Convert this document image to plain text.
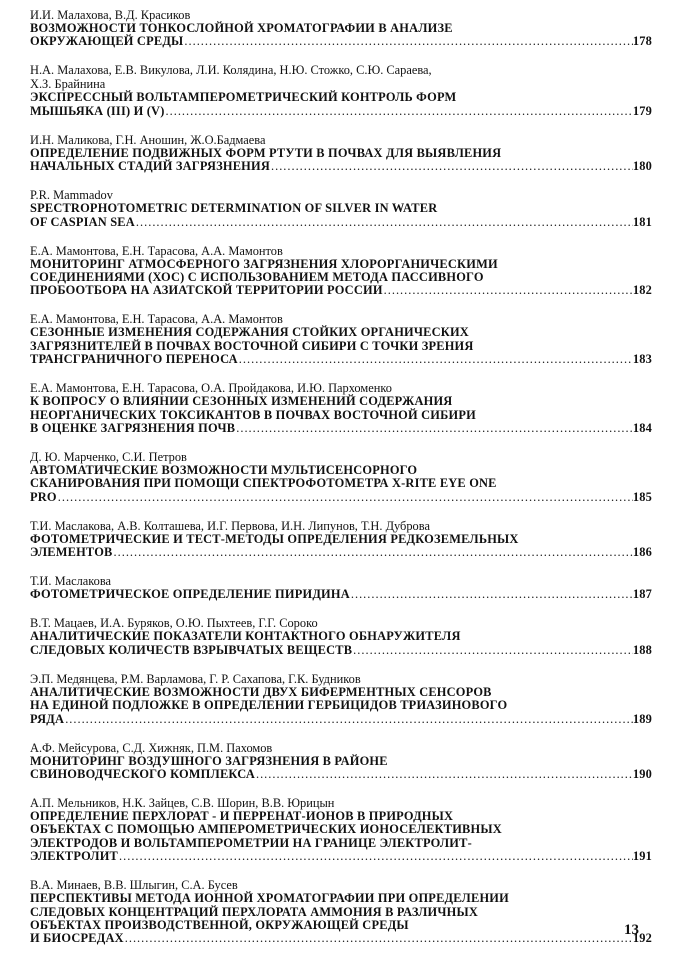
И.И. Малахова, В.Д. Красиков
ВОЗМОЖНОСТИ ТОНКОСЛОЙНОЙ ХРОМАТОГРАФИИ В АНАЛИЗЕ
ОКРУЖАЮЩЕЙ СРЕДЫ .....	178
Н.А. Малахова, Е.В. Викулова, Л.И. Колядина, Н.Ю. Стожко, С.Ю. Сараева,
Х.З. Брайнина
ЭКСПРЕССНЫЙ ВОЛЬТАМПЕРОМЕТРИЧЕСКИЙ КОНТРОЛЬ ФОРМ
МЫШЬЯКА (III) И (V) .....	179
И.Н. Маликова, Г.Н. Аношин, Ж.О.Бадмаева
ОПРЕДЕЛЕНИЕ ПОДВИЖНЫХ ФОРМ РТУТИ В ПОЧВАХ ДЛЯ ВЫЯВЛЕНИЯ
НАЧАЛЬНЫХ СТАДИЙ ЗАГРЯЗНЕНИЯ .....	180
P.R. Mammadov
SPECTROPHOTOMETRIC DETERMINATION OF SILVER IN WATER
OF CASPIAN SEA .....	181
Е.А. Мамонтова, Е.Н. Тарасова, А.А. Мамонтов
МОНИТОРИНГ АТМОСФЕРНОГО ЗАГРЯЗНЕНИЯ ХЛОРОРГАНИЧЕСКИМИ
СОЕДИНЕНИЯМИ (ХОС) С ИСПОЛЬЗОВАНИЕМ МЕТОДА ПАССИВНОГО
ПРОБООТБОРА НА АЗИАТСКОЙ ТЕРРИТОРИИ РОССИИ .....	182
Е.А. Мамонтова, Е.Н. Тарасова, А.А. Мамонтов
СЕЗОННЫЕ ИЗМЕНЕНИЯ СОДЕРЖАНИЯ СТОЙКИХ ОРГАНИЧЕСКИХ
ЗАГРЯЗНИТЕЛЕЙ В ПОЧВАХ ВОСТОЧНОЙ СИБИРИ С ТОЧКИ ЗРЕНИЯ
ТРАНСГРАНИЧНОГО ПЕРЕНОСА .....	183
Е.А. Мамонтова, Е.Н. Тарасова, О.А. Пройдакова, И.Ю. Пархоменко
К ВОПРОСУ О ВЛИЯНИИ СЕЗОННЫХ ИЗМЕНЕНИЙ СОДЕРЖАНИЯ
НЕОРГАНИЧЕСКИХ ТОКСИКАНТОВ В ПОЧВАХ ВОСТОЧНОЙ СИБИРИ
В ОЦЕНКЕ ЗАГРЯЗНЕНИЯ ПОЧВ .....	184
Д. Ю. Марченко, С.И. Петров
АВТОМАТИЧЕСКИЕ ВОЗМОЖНОСТИ МУЛЬТИСЕНСОРНОГО
СКАНИРОВАНИЯ ПРИ ПОМОЩИ СПЕКТРОФОТОМЕТРА X-RITE EYE ONE
PRO .....	185
Т.И. Маслакова, А.В. Колташева, И.Г. Первова, И.Н. Липунов, Т.Н. Дуброва
ФОТОМЕТРИЧЕСКИЕ И ТЕСТ-МЕТОДЫ ОПРЕДЕЛЕНИЯ РЕДКОЗЕМЕЛЬНЫХ
ЭЛЕМЕНТОВ .....	186
Т.И. Маслакова
ФОТОМЕТРИЧЕСКОЕ ОПРЕДЕЛЕНИЕ ПИРИДИНА .....	187
В.Т. Мацаев, И.А. Буряков, О.Ю. Пыхтеев, Г.Г. Сороко
АНАЛИТИЧЕСКИЕ ПОКАЗАТЕЛИ КОНТАКТНОГО ОБНАРУЖИТЕЛЯ
СЛЕДОВЫХ КОЛИЧЕСТВ ВЗРЫВЧАТЫХ ВЕЩЕСТВ .....	188
Э.П. Медянцева, Р.М. Варламова, Г. Р. Сахапова, Г.К. Будников
АНАЛИТИЧЕСКИЕ ВОЗМОЖНОСТИ ДВУХ БИФЕРМЕНТНЫХ СЕНСОРОВ
НА ЕДИНОЙ ПОДЛОЖКЕ В ОПРЕДЕЛЕНИИ ГЕРБИЦИДОВ ТРИАЗИНОВОГО
РЯДА .....	189
А.Ф. Мейсурова, С.Д. Хижняк, П.М. Пахомов
МОНИТОРИНГ ВОЗДУШНОГО ЗАГРЯЗНЕНИЯ В РАЙОНЕ
СВИНОВОДЧЕСКОГО КОМПЛЕКСА .....	190
А.П. Мельников, Н.К. Зайцев, С.В. Шорин, В.В. Юрицын
ОПРЕДЕЛЕНИЕ ПЕРХЛОРАТ - И ПЕРРЕНАТ-ИОНОВ В ПРИРОДНЫХ
ОБЪЕКТАХ С ПОМОЩЬЮ АМПЕРОМЕТРИЧЕСКИХ ИОНОСЕЛЕКТИВНЫХ
ЭЛЕКТРОДОВ И ВОЛЬТАМПЕРОМЕТРИИ НА ГРАНИЦЕ ЭЛЕКТРОЛИТ-
ЭЛЕКТРОЛИТ .....	191
В.А. Минаев, В.В. Шлыгин, С.А. Бусев
ПЕРСПЕКТИВЫ МЕТОДА ИОННОЙ ХРОМАТОГРАФИИ ПРИ ОПРЕДЕЛЕНИИ
СЛЕДОВЫХ КОНЦЕНТРАЦИЙ ПЕРХЛОРАТА АММОНИЯ В РАЗЛИЧНЫХ
ОБЪЕКТАХ ПРОИЗВОДСТВЕННОЙ, ОКРУЖАЮЩЕЙ СРЕДЫ
И БИОСРЕДАХ .....	192
13
